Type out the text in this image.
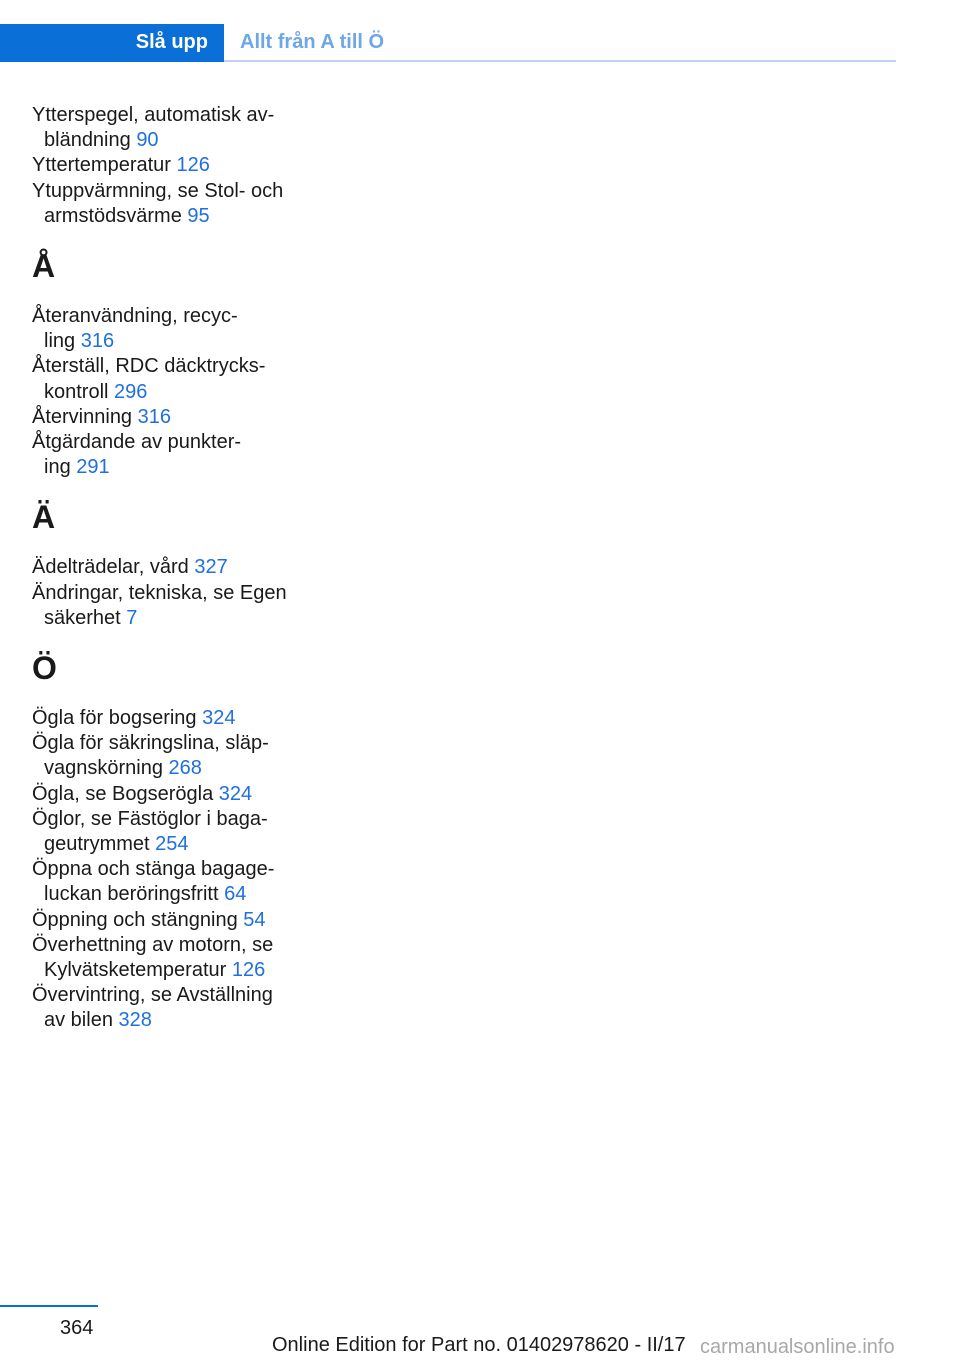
Slå upp Allt från A till Ö
Ytterspegel, automatisk av-
bländning 90
Yttertemperatur 126
Ytuppvärmning, se Stol- och
armstödsvärme 95
Å
Återanvändning, recyc-
ling 316
Återställ, RDC däcktrycks-
kontroll 296
Återvinning 316
Åtgärdande av punkter-
ing 291
Ä
Ädelträdelar, vård 327
Ändringar, tekniska, se Egen
säkerhet 7
Ö
Ögla för bogsering 324
Ögla för säkringslina, släp-
vagnskörning 268
Ögla, se Bogserögla 324
Öglor, se Fästöglor i baga-
geutrymmet 254
Öppna och stänga bagage-
luckan beröringsfritt 64
Öppning och stängning 54
Överhettning av motorn, se
Kylvätsketemperatur 126
Övervintring, se Avställning
av bilen 328
364
Online Edition for Part no. 01402978620 - II/17 carmanualsonline.info
